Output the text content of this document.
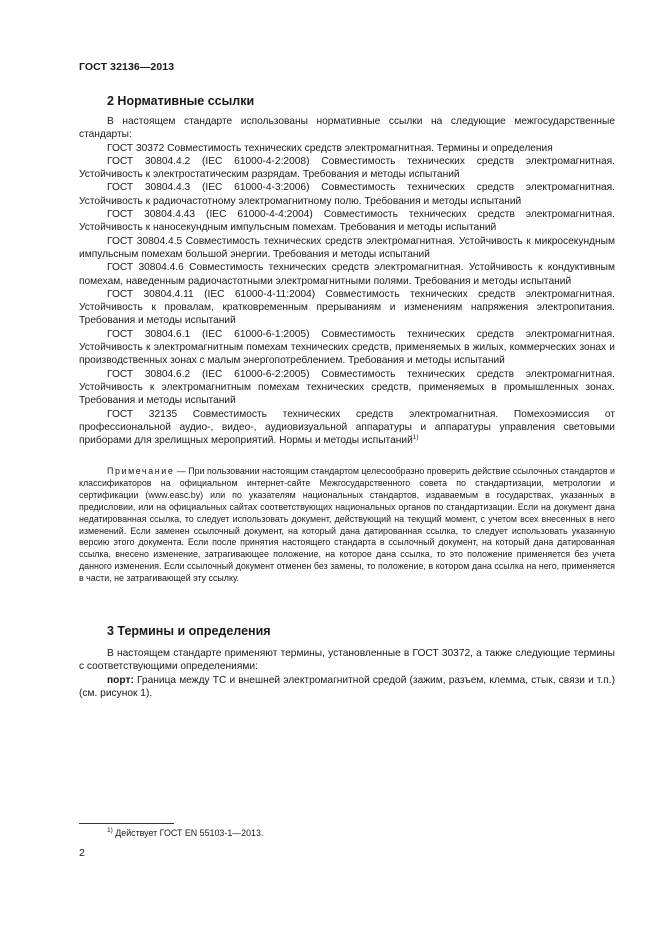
ГОСТ 32136—2013
2 Нормативные ссылки

В настоящем стандарте использованы нормативные ссылки на следующие межгосударственные стандарты:

ГОСТ 30372 Совместимость технических средств электромагнитная. Термины и определения

ГОСТ 30804.4.2 (IEC 61000-4-2:2008) Совместимость технических средств электромагнитная. Устойчивость к электростатическим разрядам. Требования и методы испытаний

ГОСТ 30804.4.3 (IEC 61000-4-3:2006) Совместимость технических средств электромагнитная. Устойчивость к радиочастотному электромагнитному полю. Требования и методы испытаний

ГОСТ 30804.4.43 (IEC 61000-4-4:2004) Совместимость технических средств электромагнитная. Устойчивость к наносекундным импульсным помехам. Требования и методы испытаний

ГОСТ 30804.4.5 Совместимость технических средств электромагнитная. Устойчивость к микросекундным импульсным помехам большой энергии. Требования и методы испытаний

ГОСТ 30804.4.6 Совместимость технических средств электромагнитная. Устойчивость к кондуктивным помехам, наведенным радиочастотными электромагнитными полями. Требования и методы испытаний

ГОСТ 30804.4.11 (IEC 61000-4-11:2004) Совместимость технических средств электромагнитная. Устойчивость к провалам, кратковременным прерываниям и изменениям напряжения электропитания. Требования и методы испытаний

ГОСТ 30804.6.1 (IEC 61000-6-1:2005) Совместимость технических средств электромагнитная. Устойчивость к электромагнитным помехам технических средств, применяемых в жилых, коммерческих зонах и производственных зонах с малым энергопотреблением. Требования и методы испытаний

ГОСТ 30804.6.2 (IEC 61000-6-2:2005) Совместимость технических средств электромагнитная. Устойчивость к электромагнитным помехам технических средств, применяемых в промышленных зонах. Требования и методы испытаний

ГОСТ 32135 Совместимость технических средств электромагнитная. Помехоэмиссия от профессиональной аудио-, видео-, аудиовизуальной аппаратуры и аппаратуры управления световыми приборами для зрелищных мероприятий. Нормы и методы испытаний$^{1)}$

Примечание — При пользовании настоящим стандартом целесообразно проверить действие ссылочных стандартов и классификаторов на официальном интернет-сайте Межгосударственного совета по стандартизации, метрологии и сертификации (www.easc.by) или по указателям национальных стандартов, издаваемым в государствах, указанных в предисловии, или на официальных сайтах соответствующих национальных органов по стандартизации. Если на документ дана недатированная ссылка, то следует использовать документ, действующий на текущий момент, с учетом всех внесенных в него изменений. Если заменен ссылочный документ, на который дана датированная ссылка, то следует использовать указанную версию этого документа. Если после принятия настоящего стандарта в ссылочный документ, на который дана датированная ссылка, внесено изменение, затрагивающее положение, на которое дана ссылка, то это положение применяется без учета данного изменения. Если ссылочный документ отменен без замены, то положение, в котором дана ссылка на него, применяется в части, не затрагивающей эту ссылку.

3 Термины и определения

В настоящем стандарте применяют термины, установленные в ГОСТ 30372, а также следующие термины с соответствующими определениями:

порт: Граница между ТС и внешней электромагнитной средой (зажим, разъем, клемма, стык, связи и т.п.) (см. рисунок 1).

$^{1)}$ Действует ГОСТ EN 55103-1—2013.
2
